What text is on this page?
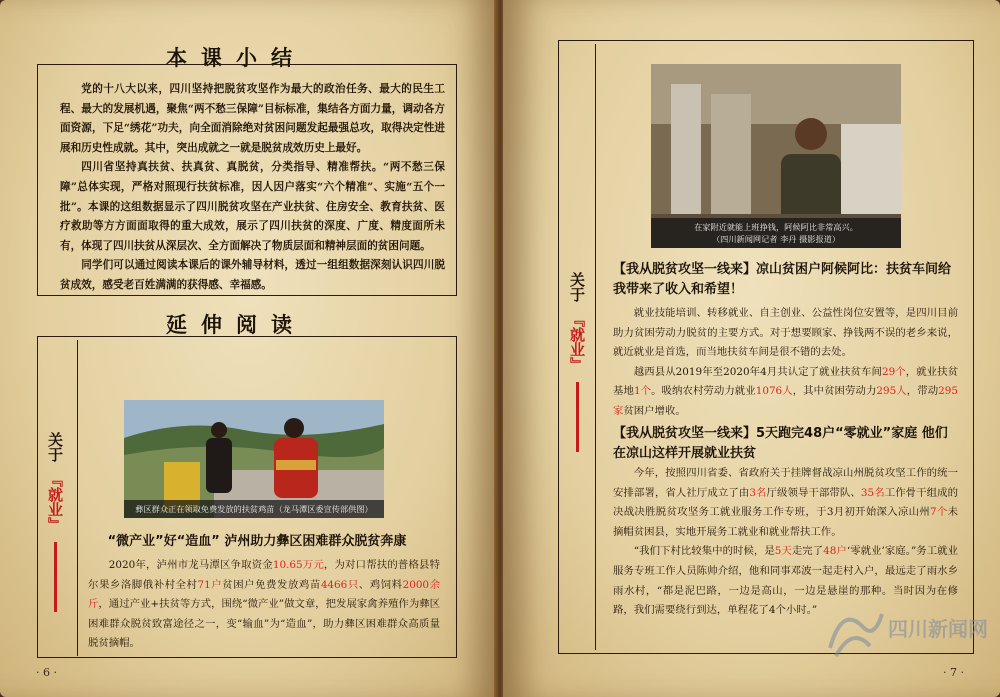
本课小结

党的十八大以来，四川坚持把脱贫攻坚作为最大的政治任务、最大的民生工程、最大的发展机遇，聚焦“两不愁三保障”目标标准，集结各方面力量，调动各方面资源，下足“绣花”功夫，向全面消除绝对贫困问题发起最强总攻，取得决定性进展和历史性成就。其中，突出成就之一就是脱贫成效历史上最好。

四川省坚持真扶贫、扶真贫、真脱贫，分类指导、精准帮扶。“两不愁三保障”总体实现，严格对照现行扶贫标准，因人因户落实“六个精准”、实施“五个一批”。本课的这组数据显示了四川脱贫攻坚在产业扶贫、住房安全、教育扶贫、医疗救助等方方面面取得的重大成效，展示了四川扶贫的深度、广度、精度面所未有，体现了四川扶贫从深层次、全方面解决了物质层面和精神层面的贫困问题。

同学们可以通过阅读本课后的课外辅导材料，透过一组组数据深刻认识四川脱贫成效，感受老百姓满满的获得感、幸福感。

延伸阅读
关于 『就业』	彝区群众正在领取免费发放的扶贫鸡苗（龙马潭区委宣传部供图）
“微产业”好“造血” 泸州助力彝区困难群众脱贫奔康

2020年，泸州市龙马潭区争取资金10.65万元，为对口帮扶的普格县特尔果乡洛脚俄补村全村71户贫困户免费发放鸡苗4466只、鸡饲料2000余斤，通过产业+扶贫等方式，围绕“微产业”做文章，把发展家禽养殖作为彝区困难群众脱贫致富途径之一，变“输血”为“造血”，助力彝区困难群众高质量脱贫摘帽。

· 6 ·
关于 『就业』
在家附近就能上班挣钱，阿候阿比非常高兴。
（四川新闻网记者 李丹 摄影报道）
【我从脱贫攻坚一线来】凉山贫困户阿候阿比：扶贫车间给我带来了收入和希望！

就业技能培训、转移就业、自主创业、公益性岗位安置等，是四川目前助力贫困劳动力脱贫的主要方式。对于想要顾家、挣钱两不误的老乡来说，就近就业是首选，而当地扶贫车间是很不错的去处。

越西县从2019年至2020年4月共认定了就业扶贫车间29个，就业扶贫基地1个。吸纳农村劳动力就业1076人，其中贫困劳动力295人，带动295家贫困户增收。

【我从脱贫攻坚一线来】5天跑完48户“零就业”家庭 他们在凉山这样开展就业扶贫

今年，按照四川省委、省政府关于挂牌督战凉山州脱贫攻坚工作的统一安排部署，省人社厅成立了由3名厅级领导干部带队、35名工作骨干组成的决战决胜脱贫攻坚务工就业服务工作专班，于3月初开始深入凉山州7个未摘帽贫困县，实地开展务工就业和就业帮扶工作。

“我们下村比较集中的时候，是5天走完了48户‘零就业’家庭。”务工就业服务专班工作人员陈帅介绍，他和同事邓波一起走村入户，最远走了雨水乡雨水村，“都是泥巴路，一边是高山，一边是悬崖的那种。当时因为在修路，我们需要绕行到达，单程花了4个小时。”

· 7 ·
四川新闻网
